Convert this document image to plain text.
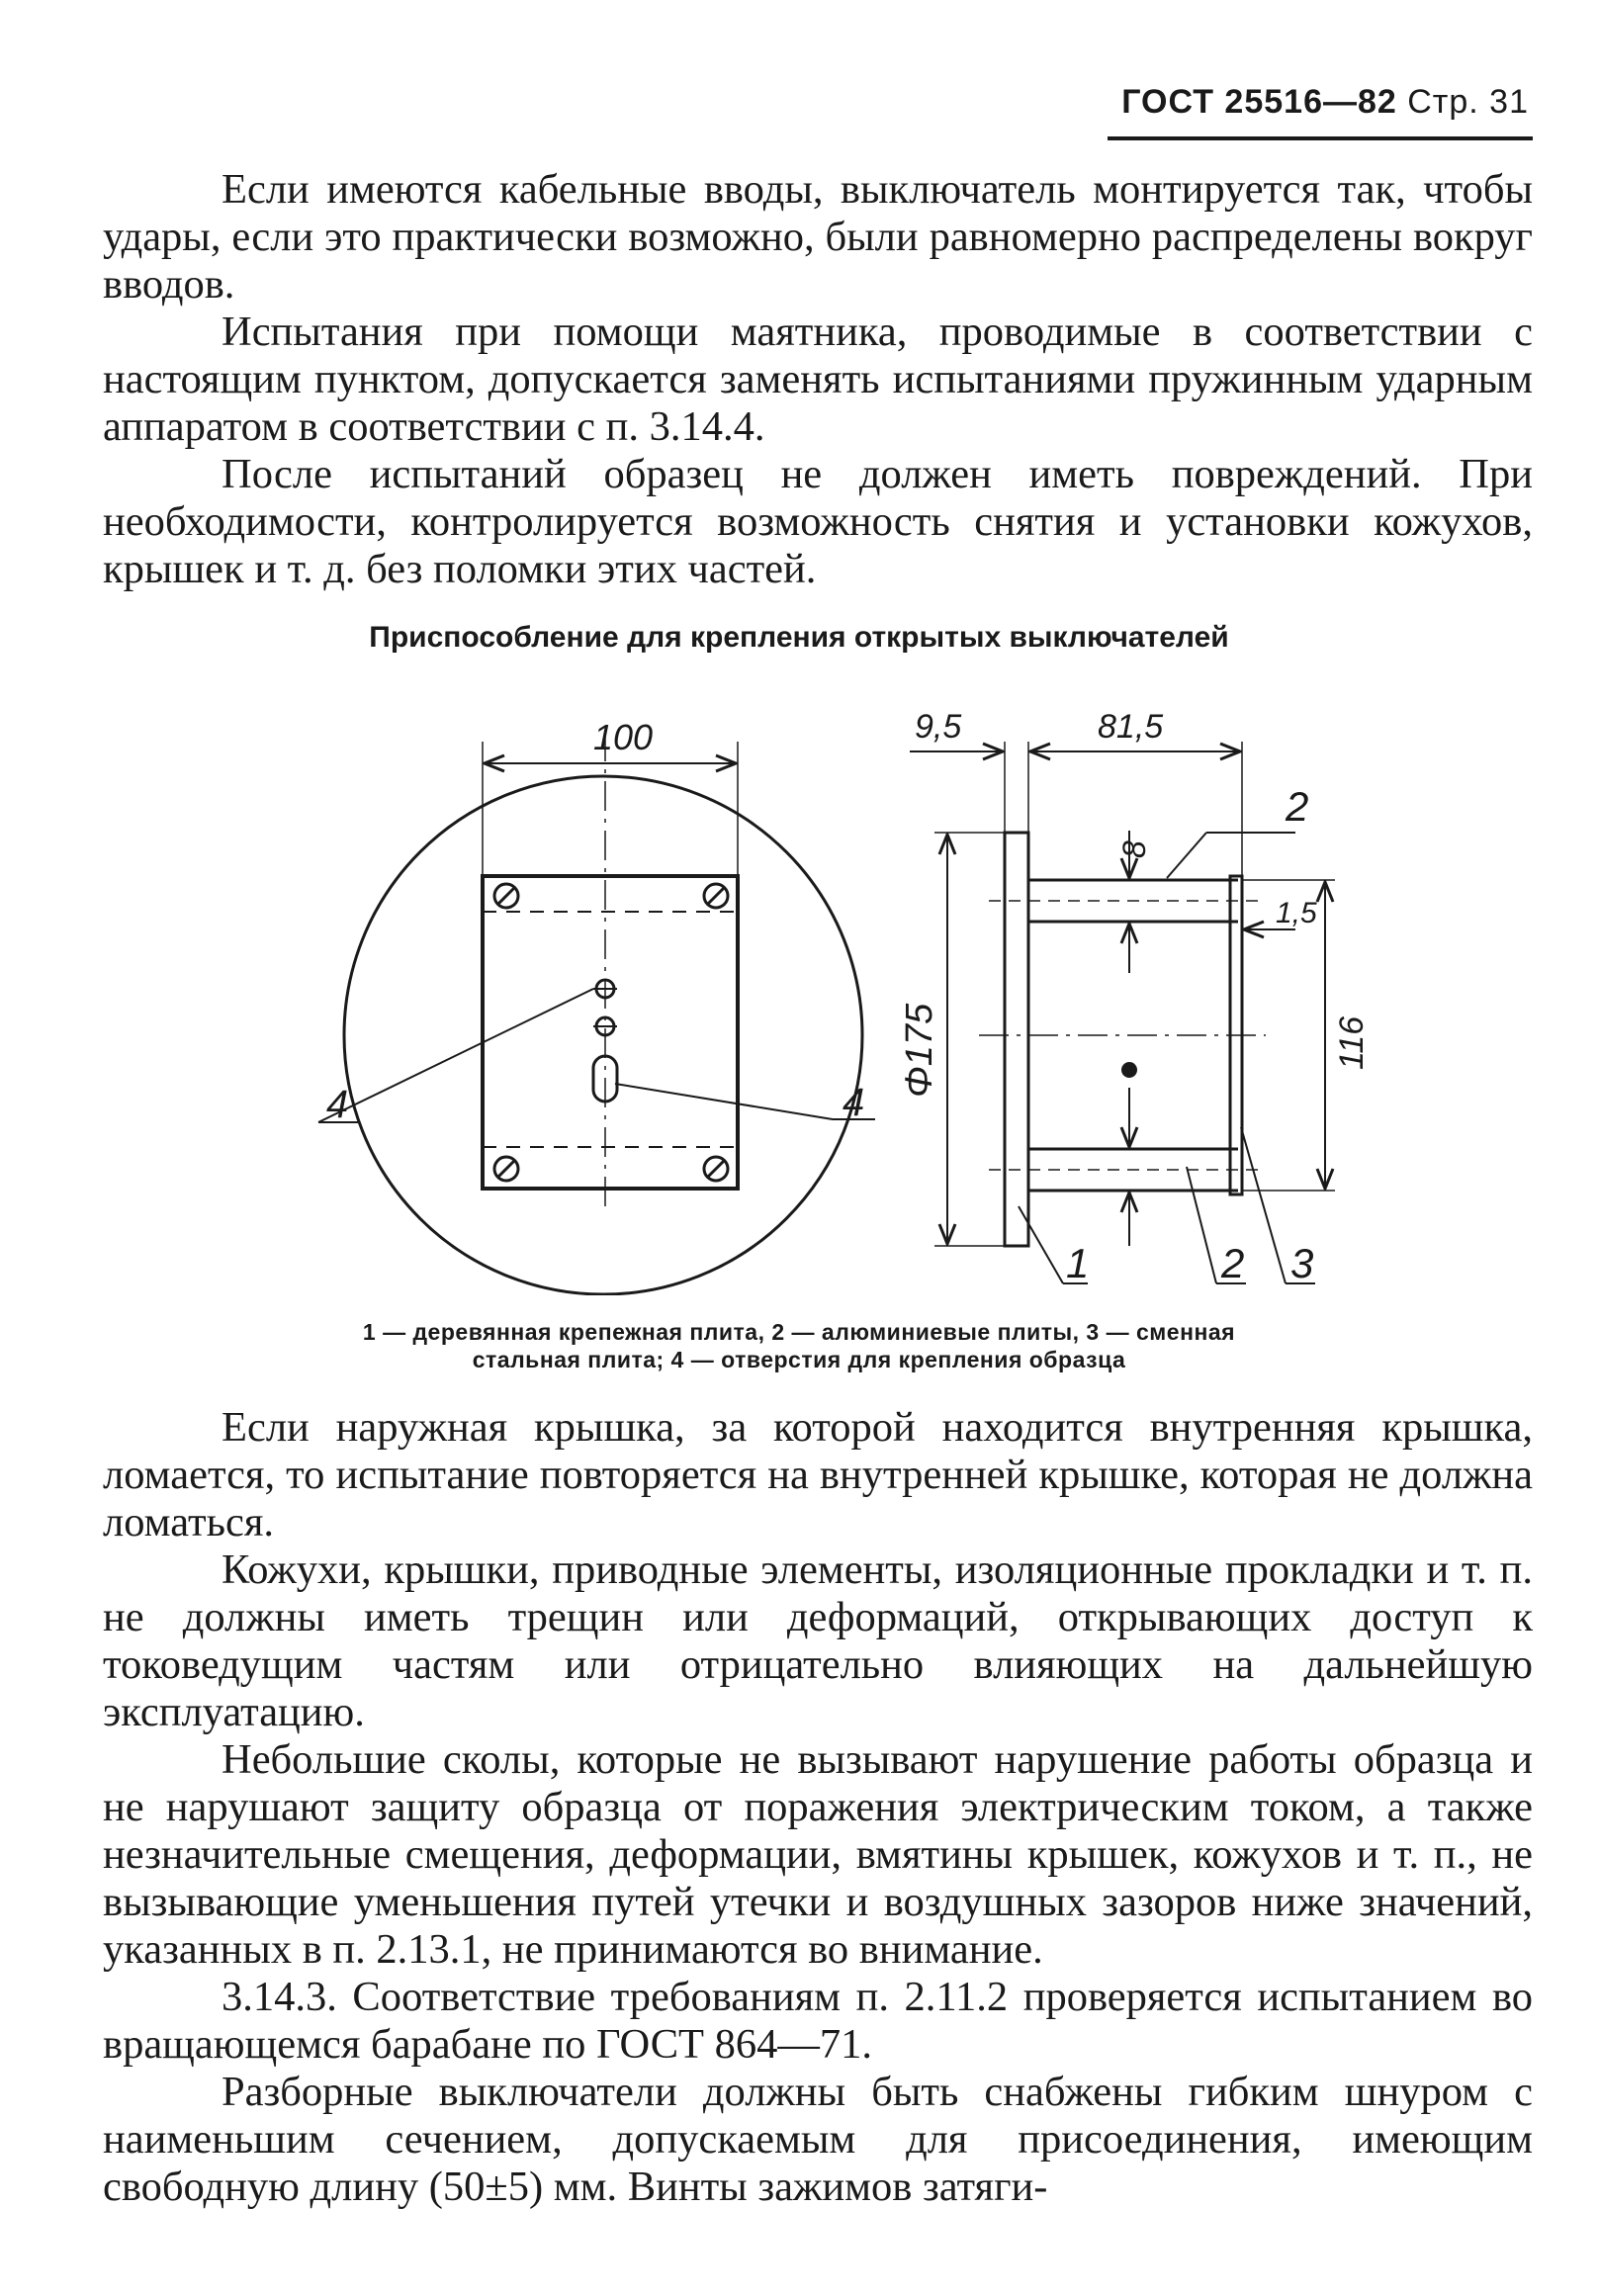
ГОСТ 25516—82 Стр. 31

Если имеются кабельные вводы, выключатель монтируется так, чтобы удары, если это практически возможно, были равномерно распределены вокруг вводов.

Испытания при помощи маятника, проводимые в соответствии с настоящим пунктом, допускается заменять испытаниями пружинным ударным аппаратом в соответствии с п. 3.14.4.

После испытаний образец не должен иметь повреждений. При необходимости, контролируется возможность снятия и установки кожухов, крышек и т. д. без поломки этих частей.

Приспособление для крепления открытых выключателей
100	9,5	81,5
8
1,5
116
Φ175
4	4
2
1	2 3
1 — деревянная крепежная плита, 2 — алюминиевые плиты, 3 — сменная
стальная плита; 4 — отверстия для крепления образца

Если наружная крышка, за которой находится внутренняя крышка, ломается, то испытание повторяется на внутренней крышке, которая не должна ломаться.

Кожухи, крышки, приводные элементы, изоляционные прокладки и т. п. не должны иметь трещин или деформаций, открывающих доступ к токоведущим частям или отрицательно влияющих на дальнейшую эксплуатацию.

Небольшие сколы, которые не вызывают нарушение работы образца и не нарушают защиту образца от поражения электрическим током, а также незначительные смещения, деформации, вмятины крышек, кожухов и т. п., не вызывающие уменьшения путей утечки и воздушных зазоров ниже значений, указанных в п. 2.13.1, не принимаются во внимание.

3.14.3. Соответствие требованиям п. 2.11.2 проверяется испытанием во вращающемся барабане по ГОСТ 864—71.

Разборные выключатели должны быть снабжены гибким шнуром с наименьшим сечением, допускаемым для присоединения, имеющим свободную длину (50±5) мм. Винты зажимов затяги-
